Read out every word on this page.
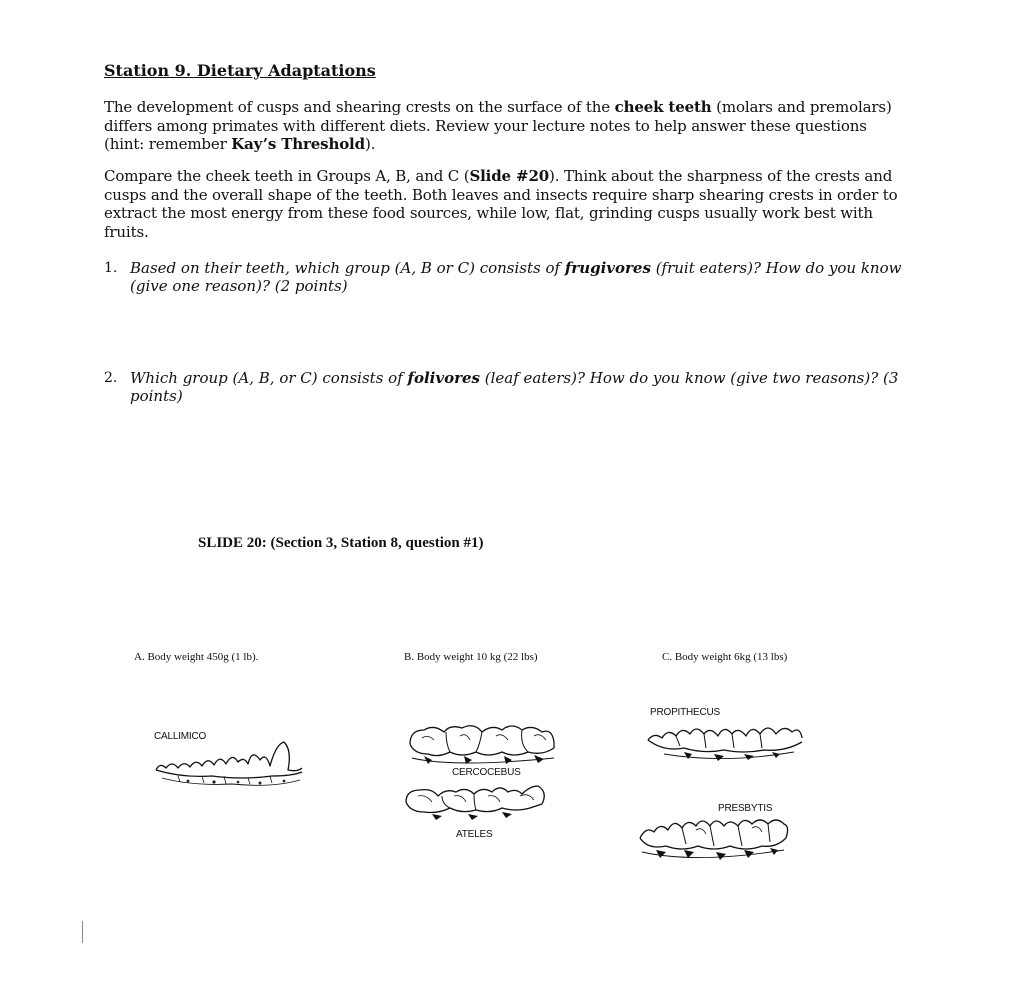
Station 9. Dietary Adaptations

The development of cusps and shearing crests on the surface of the cheek teeth (molars and premolars) differs among primates with different diets. Review your lecture notes to help answer these questions (hint: remember Kay’s Threshold).

Compare the cheek teeth in Groups A, B, and C (Slide #20). Think about the sharpness of the crests and cusps and the overall shape of the teeth. Both leaves and insects require sharp shearing crests in order to extract the most energy from these food sources, while low, flat, grinding cusps usually work best with fruits.

1. Based on their teeth, which group (A, B or C) consists of frugivores (fruit eaters)? How do you know (give one reason)? (2 points)
2. Which group (A, B, or C) consists of folivores (leaf eaters)? How do you know (give two reasons)? (3 points)
SLIDE 20: (Section 3, Station 8, question #1)
A. Body weight 450g (1 lb).	B. Body weight 10 kg (22 lbs)	C. Body weight 6kg (13 lbs)
CALLIMICO
CERCOCEBUS
ATELES
PROPITHECUS
PRESBYTIS
